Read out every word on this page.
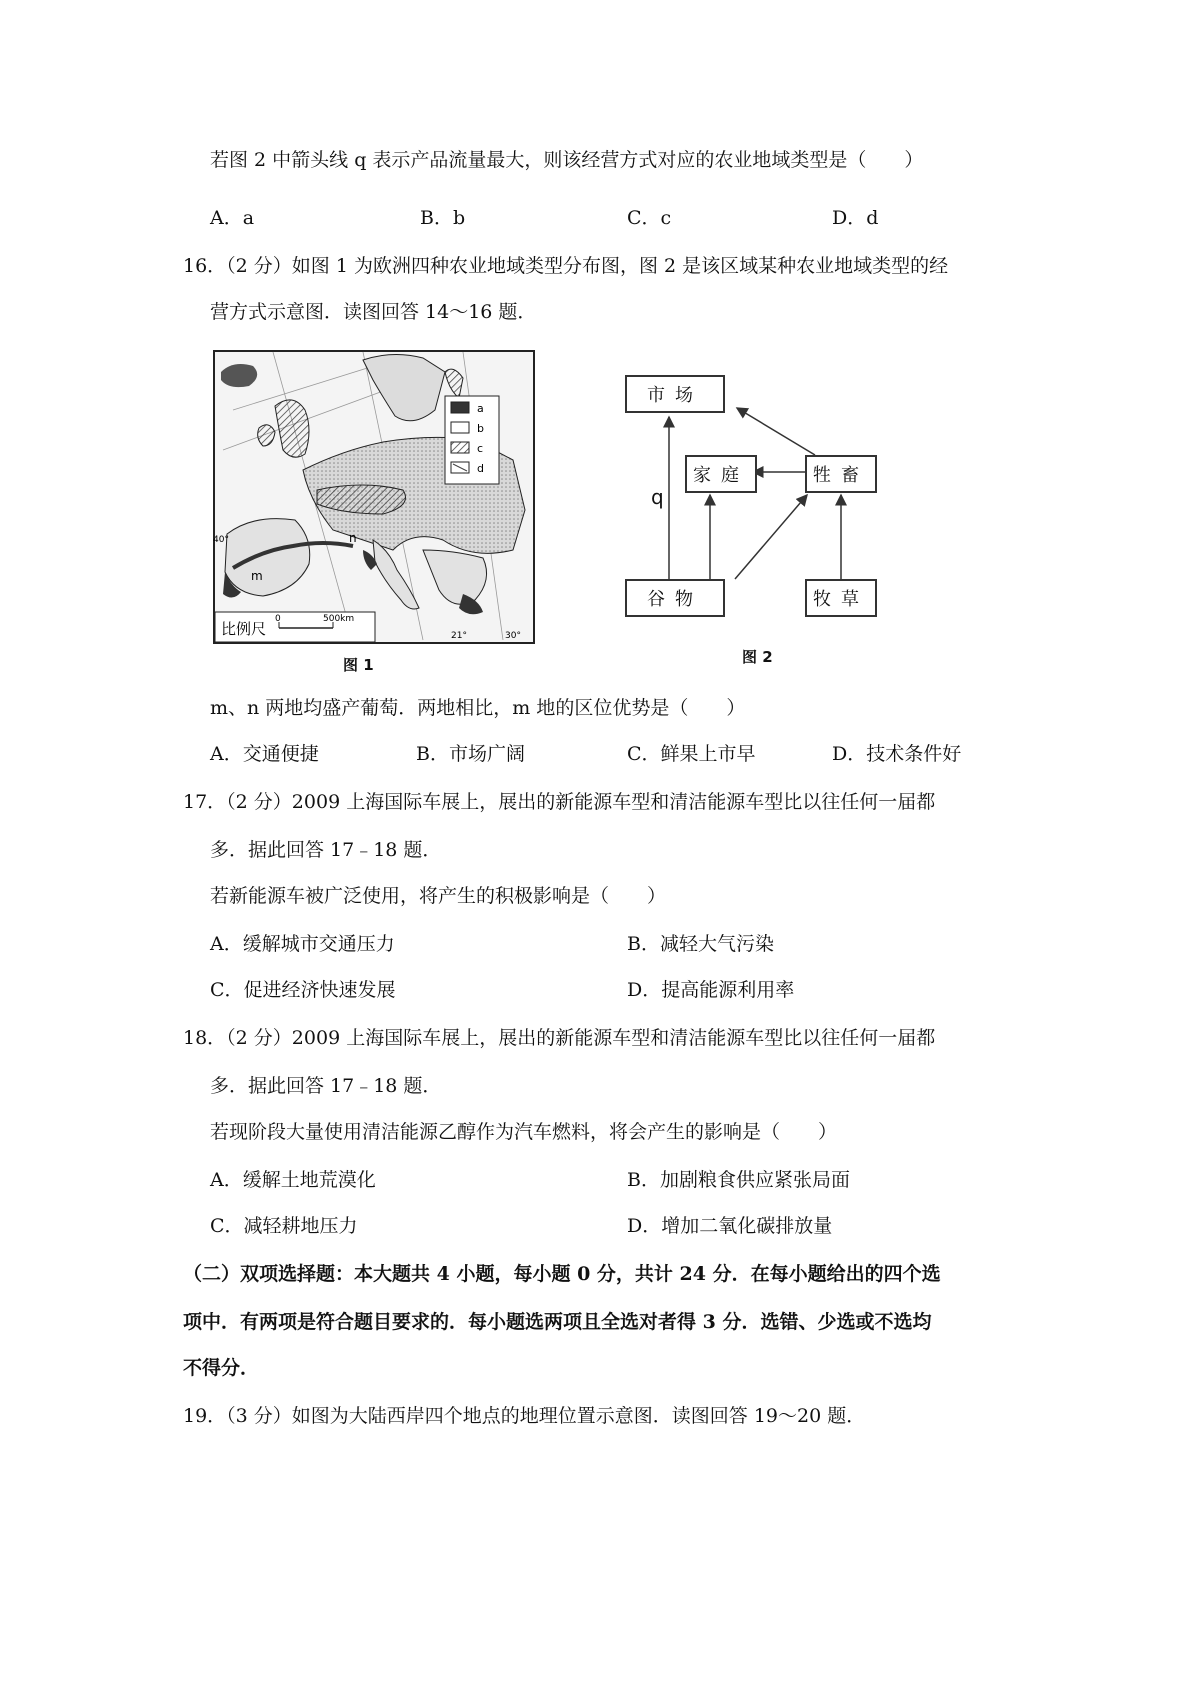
若图 2 中箭头线 q 表示产品流量最大，则该经营方式对应的农业地域类型是（　　）
A．a	B．b	C．c	D．d
16．（2 分）如图 1 为欧洲四种农业地域类型分布图，图 2 是该区域某种农业地域类型的经
营方式示意图．读图回答 14～16 题．
a
b
c
d
n
m
40°
21°	30°
比例尺
0	500km
图 1
市场
家庭	牲畜
谷物	牧草
q
图 2
m、n 两地均盛产葡萄．两地相比，m 地的区位优势是（　　）
A．交通便捷	B．市场广阔	C．鲜果上市早	D．技术条件好
17．（2 分）2009 上海国际车展上，展出的新能源车型和清洁能源车型比以往任何一届都
多．据此回答 17﹣18 题．
若新能源车被广泛使用，将产生的积极影响是（　　）
A．缓解城市交通压力	B．减轻大气污染
C．促进经济快速发展	D．提高能源利用率
18．（2 分）2009 上海国际车展上，展出的新能源车型和清洁能源车型比以往任何一届都
多．据此回答 17﹣18 题．
若现阶段大量使用清洁能源乙醇作为汽车燃料，将会产生的影响是（　　）
A．缓解土地荒漠化	B．加剧粮食供应紧张局面
C．减轻耕地压力	D．增加二氧化碳排放量
（二）双项选择题：本大题共 4 小题，每小题 0 分，共计 24 分．在每小题给出的四个选
项中．有两项是符合题目要求的．每小题选两项且全选对者得 3 分．选错、少选或不选均
不得分．
19．（3 分）如图为大陆西岸四个地点的地理位置示意图．读图回答 19～20 题．
